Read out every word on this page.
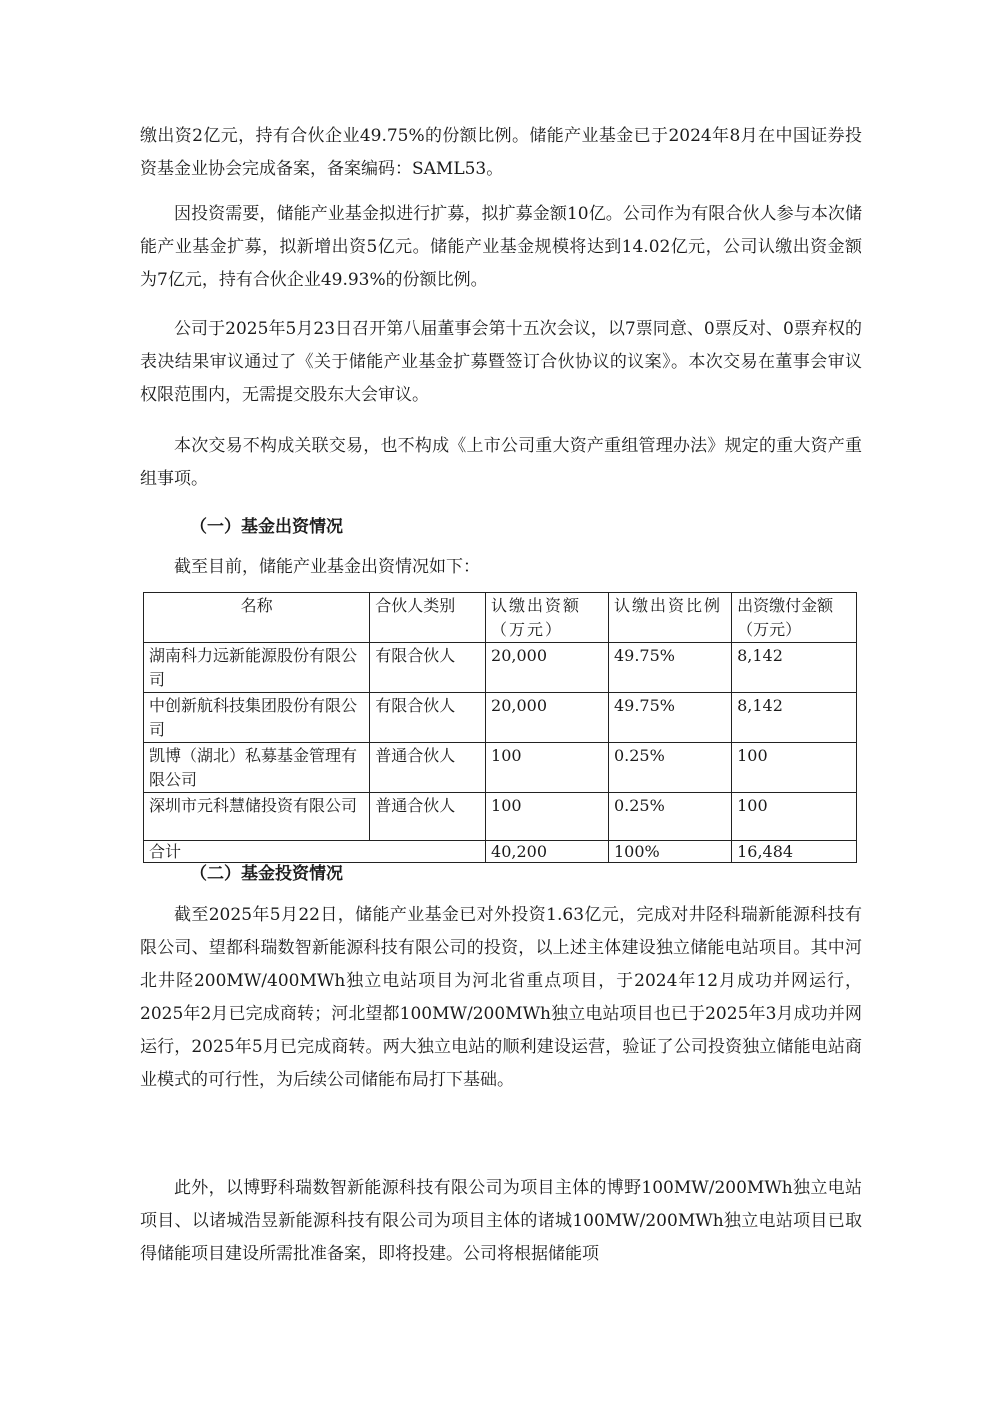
缴出资2亿元，持有合伙企业49.75%的份额比例。储能产业基金已于2024年8月在中国证券投资基金业协会完成备案，备案编码：SAML53。

因投资需要，储能产业基金拟进行扩募，拟扩募金额10亿。公司作为有限合伙人参与本次储能产业基金扩募，拟新增出资5亿元。储能产业基金规模将达到14.02亿元，公司认缴出资金额为7亿元，持有合伙企业49.93%的份额比例。

公司于2025年5月23日召开第八届董事会第十五次会议，以7票同意、0票反对、0票弃权的表决结果审议通过了《关于储能产业基金扩募暨签订合伙协议的议案》。本次交易在董事会审议权限范围内，无需提交股东大会审议。

本次交易不构成关联交易，也不构成《上市公司重大资产重组管理办法》规定的重大资产重组事项。

（一）基金出资情况

截至目前，储能产业基金出资情况如下：

名称	合伙人类别	认缴出资额（万元）	认缴出资比例	出资缴付金额（万元）
湖南科力远新能源股份有限公司	有限合伙人	20,000	49.75%	8,142
中创新航科技集团股份有限公司	有限合伙人	20,000	49.75%	8,142
凯博（湖北）私募基金管理有限公司	普通合伙人	100	0.25%	100
深圳市元科慧储投资有限公司	普通合伙人	100	0.25%	100
合计		40,200	100%	16,484

（二）基金投资情况

截至2025年5月22日，储能产业基金已对外投资1.63亿元，完成对井陉科瑞新能源科技有限公司、望都科瑞数智新能源科技有限公司的投资，以上述主体建设独立储能电站项目。其中河北井陉200MW/400MWh独立电站项目为河北省重点项目，于2024年12月成功并网运行，2025年2月已完成商转；河北望都100MW/200MWh独立电站项目也已于2025年3月成功并网运行，2025年5月已完成商转。两大独立电站的顺利建设运营，验证了公司投资独立储能电站商业模式的可行性，为后续公司储能布局打下基础。

此外，以博野科瑞数智新能源科技有限公司为项目主体的博野100MW/200MWh独立电站项目、以诸城浩昱新能源科技有限公司为项目主体的诸城100MW/200MWh独立电站项目已取得储能项目建设所需批准备案，即将投建。公司将根据储能项
